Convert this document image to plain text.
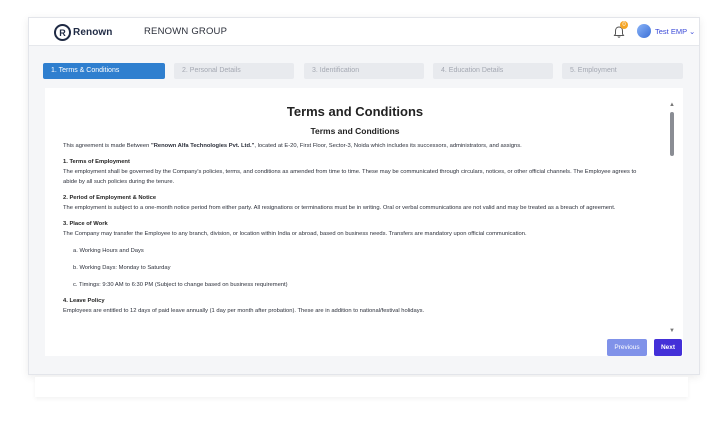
R Renown	RENOWN GROUP
0
Test EMP ⌄
1. Terms & Conditions	2. Personal Details	3. Identification	4. Education Details	5. Employment
Terms and Conditions
Terms and Conditions
This agreement is made Between "Renown Alfa Technologies Pvt. Ltd.", located at E-20, First Floor, Sector-3, Noida which includes its successors, administrators, and assigns.
1. Terms of Employment
The employment shall be governed by the Company's policies, terms, and conditions as amended from time to time. These may be communicated through circulars, notices, or other official channels. The Employee agrees to abide by all such policies during the tenure.
2. Period of Employment & Notice
The employment is subject to a one-month notice period from either party. All resignations or terminations must be in writing. Oral or verbal communications are not valid and may be treated as a breach of agreement.
3. Place of Work
The Company may transfer the Employee to any branch, division, or location within India or abroad, based on business needs. Transfers are mandatory upon official communication.
a. Working Hours and Days
b. Working Days: Monday to Saturday
c. Timings: 9:30 AM to 6:30 PM (Subject to change based on business requirement)
4. Leave Policy
Employees are entitled to 12 days of paid leave annually (1 day per month after probation). These are in addition to national/festival holidays.
▲
▼
Previous	Next
